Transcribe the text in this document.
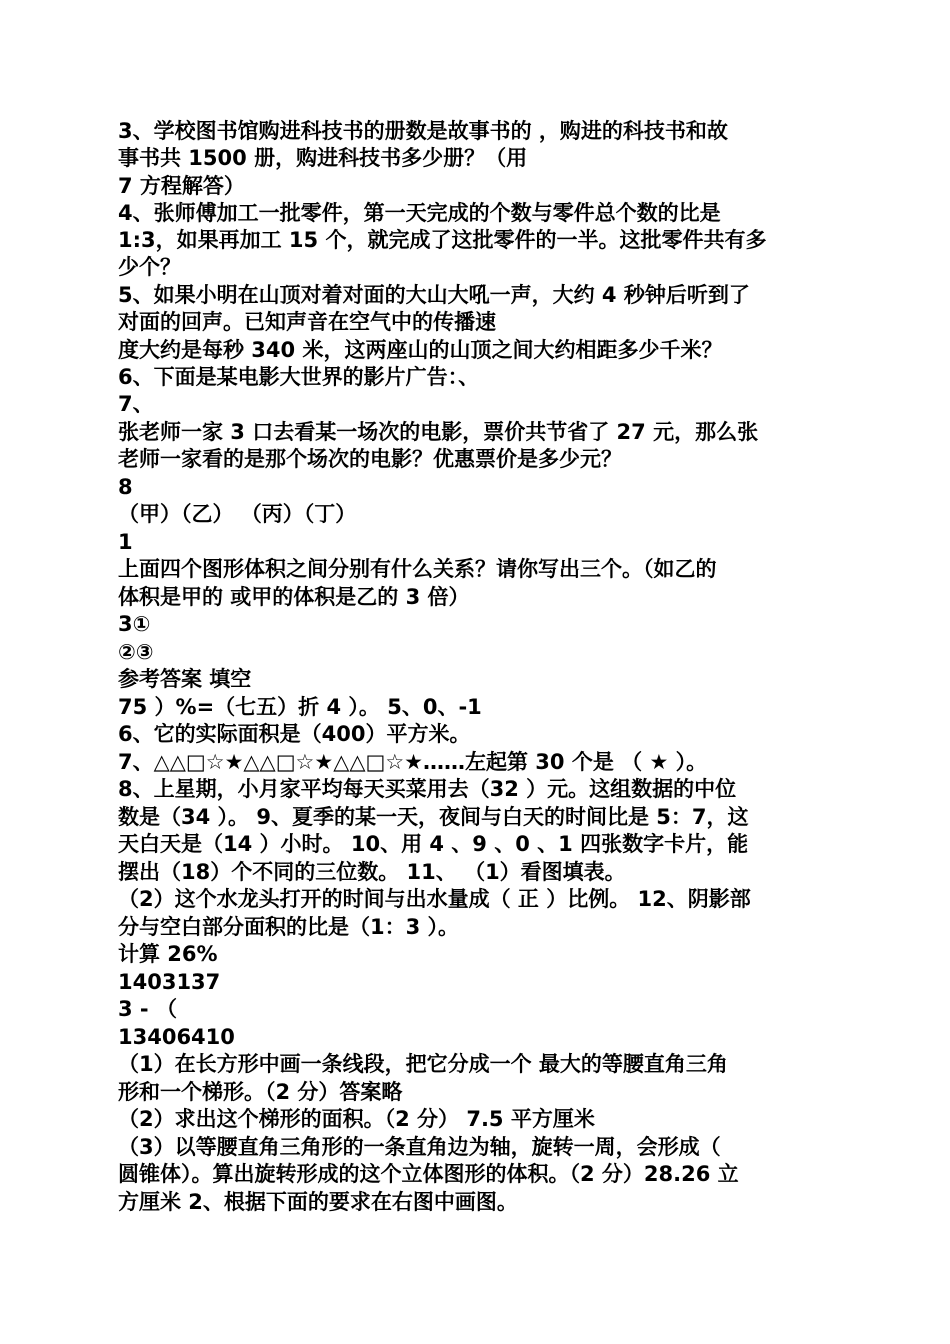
3、学校图书馆购进科技书的册数是故事书的 ，购进的科技书和故
事书共 1500 册，购进科技书多少册？（用
7 方程解答）
4、张师傅加工一批零件，第一天完成的个数与零件总个数的比是
1:3，如果再加工 15 个，就完成了这批零件的一半。这批零件共有多
少个？
5、如果小明在山顶对着对面的大山大吼一声，大约 4 秒钟后听到了
对面的回声。已知声音在空气中的传播速
度大约是每秒 340 米，这两座山的山顶之间大约相距多少千米？
6、下面是某电影大世界的影片广告：、
7、
张老师一家 3 口去看某一场次的电影，票价共节省了 27 元，那么张
老师一家看的是那个场次的电影？优惠票价是多少元？
8
（甲）（乙） （丙）（丁）
1
上面四个图形体积之间分别有什么关系？请你写出三个。（如乙的
体积是甲的 或甲的体积是乙的 3 倍）
3①
②③
参考答案 填空
75 ）%=（七五）折 4 ）。 5、0、-1
6、它的实际面积是（400）平方米。
7、△△□☆★△△□☆★△△□☆★……左起第 30 个是 （ ★ ）。
8、上星期，小月家平均每天买菜用去（32 ）元。这组数据的中位
数是（34 ）。 9、夏季的某一天，夜间与白天的时间比是 5：7，这
天白天是（14 ）小时。 10、用 4 、9 、0 、1 四张数字卡片，能
摆出（18）个不同的三位数。 11、 （1）看图填表。
（2）这个水龙头打开的时间与出水量成（ 正 ）比例。 12、阴影部
分与空白部分面积的比是（1：3 ）。
计算 26%
1403137
3 - （
13406410
（1）在长方形中画一条线段，把它分成一个 最大的等腰直角三角
形和一个梯形。（2 分）答案略
（2）求出这个梯形的面积。（2 分） 7.5 平方厘米
（3）以等腰直角三角形的一条直角边为轴，旋转一周，会形成（
圆锥体）。算出旋转形成的这个立体图形的体积。（2 分）28.26 立
方厘米 2、根据下面的要求在右图中画图。
